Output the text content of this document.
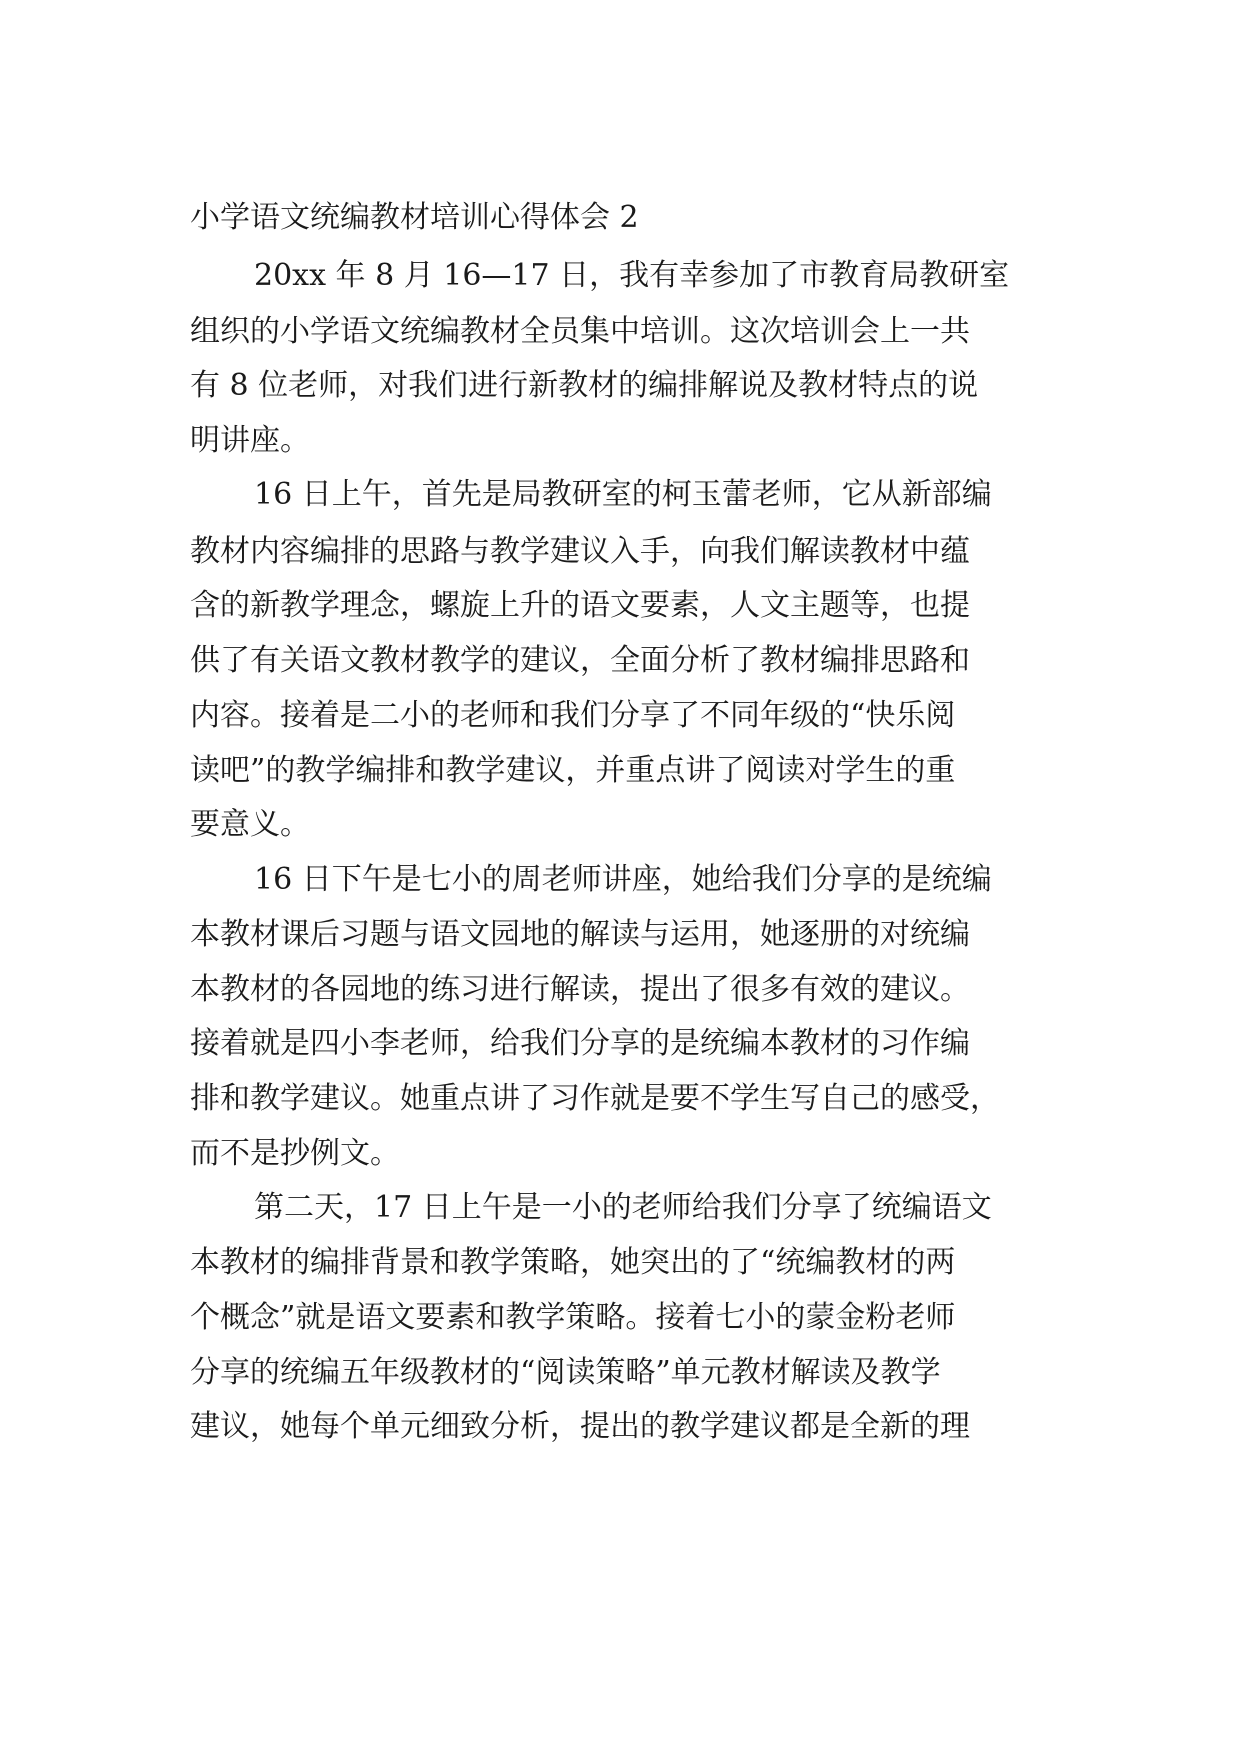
小学语文统编教材培训心得体会 2
20xx 年 8 月 16—17 日，我有幸参加了市教育局教研室
组织的小学语文统编教材全员集中培训。这次培训会上一共
有 8 位老师，对我们进行新教材的编排解说及教材特点的说
明讲座。
16 日上午，首先是局教研室的柯玉蕾老师，它从新部编
教材内容编排的思路与教学建议入手，向我们解读教材中蕴
含的新教学理念，螺旋上升的语文要素，人文主题等，也提
供了有关语文教材教学的建议，全面分析了教材编排思路和
内容。接着是二小的老师和我们分享了不同年级的“快乐阅
读吧”的教学编排和教学建议，并重点讲了阅读对学生的重
要意义。
16 日下午是七小的周老师讲座，她给我们分享的是统编
本教材课后习题与语文园地的解读与运用，她逐册的对统编
本教材的各园地的练习进行解读，提出了很多有效的建议。
接着就是四小李老师，给我们分享的是统编本教材的习作编
排和教学建议。她重点讲了习作就是要不学生写自己的感受，
而不是抄例文。
第二天，17 日上午是一小的老师给我们分享了统编语文
本教材的编排背景和教学策略，她突出的了“统编教材的两
个概念”就是语文要素和教学策略。接着七小的蒙金粉老师
分享的统编五年级教材的“阅读策略”单元教材解读及教学
建议，她每个单元细致分析，提出的教学建议都是全新的理
